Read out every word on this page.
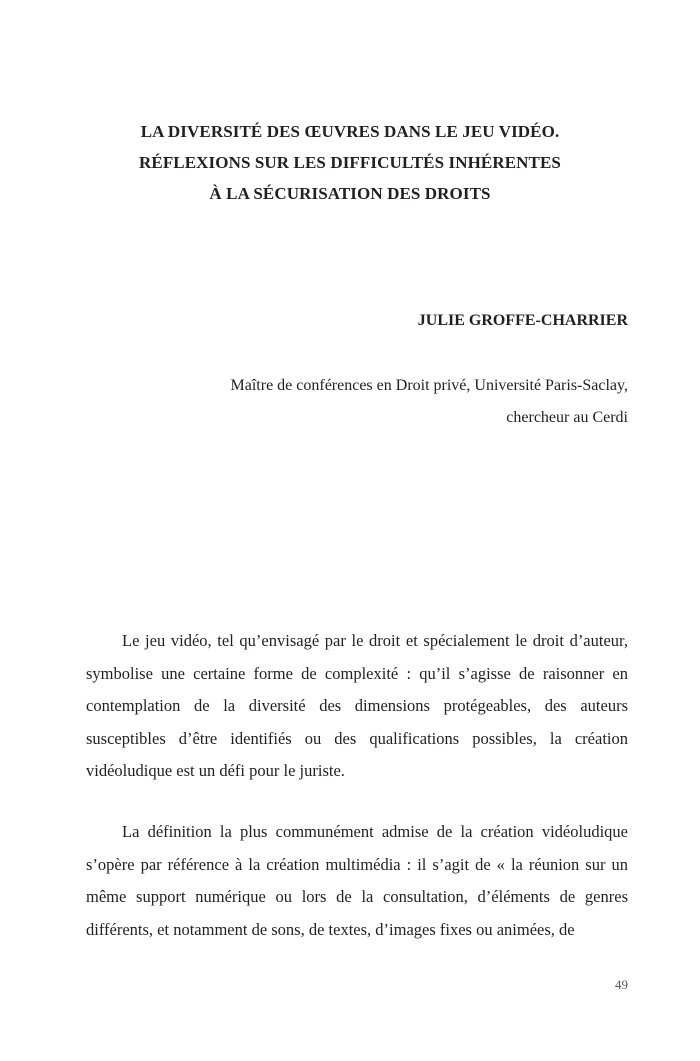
LA DIVERSITÉ DES ŒUVRES DANS LE JEU VIDÉO.
RÉFLEXIONS SUR LES DIFFICULTÉS INHÉRENTES
À LA SÉCURISATION DES DROITS
JULIE GROFFE-CHARRIER
Maître de conférences en Droit privé, Université Paris-Saclay,
chercheur au Cerdi

Le jeu vidéo, tel qu’envisagé par le droit et spécialement le droit d’auteur, symbolise une certaine forme de complexité : qu’il s’agisse de raisonner en contemplation de la diversité des dimensions protégeables, des auteurs susceptibles d’être identifiés ou des qualifications possibles, la création vidéoludique est un défi pour le juriste.

La définition la plus communément admise de la création vidéoludique s’opère par référence à la création multimédia : il s’agit de « la réunion sur un même support numérique ou lors de la consultation, d’éléments de genres différents, et notamment de sons, de textes, d’images fixes ou animées, de

49
